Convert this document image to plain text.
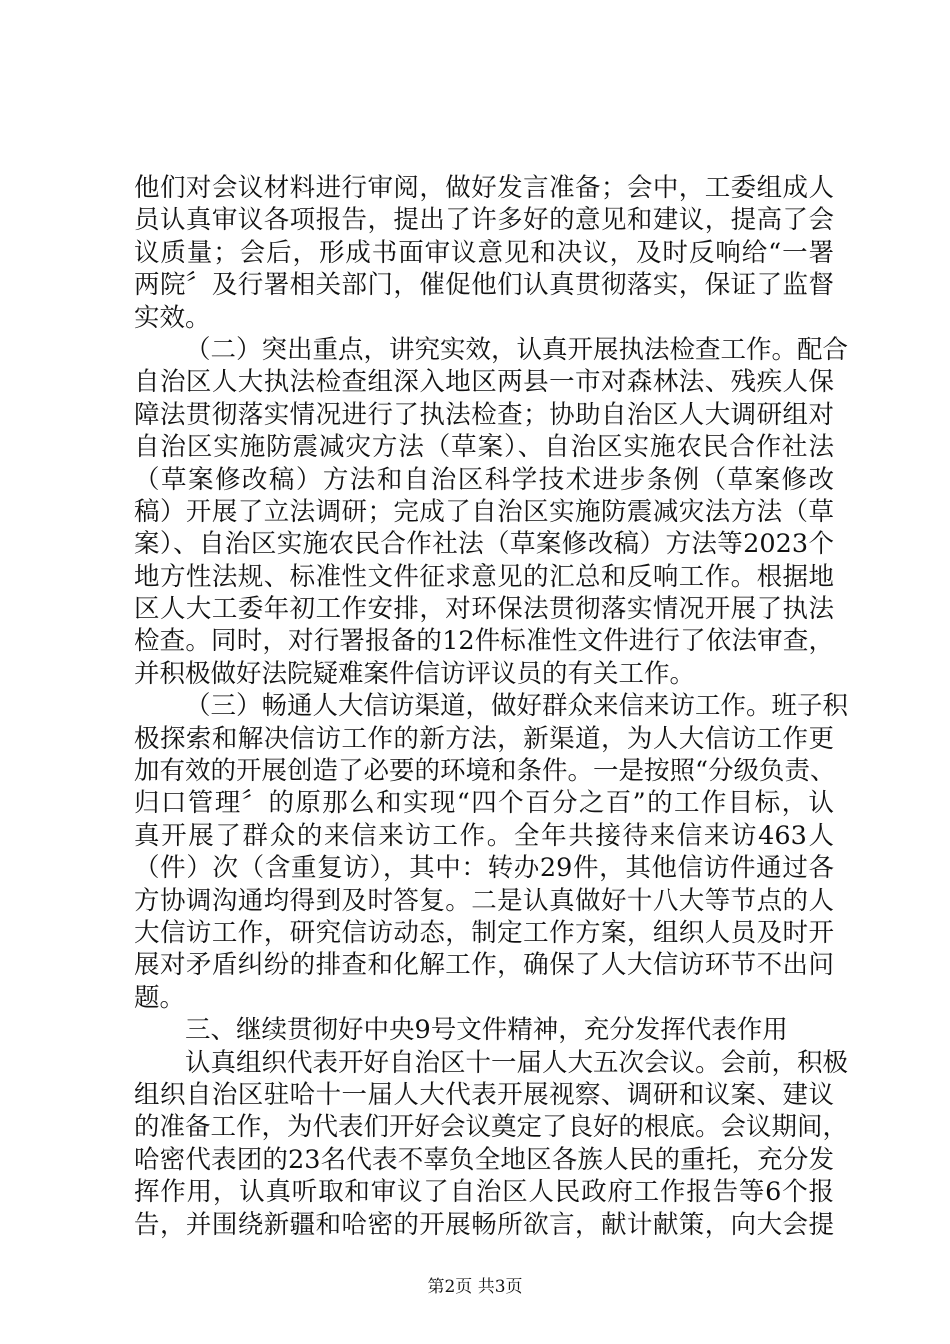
他们对会议材料进行审阅，做好发言准备；会中，工委组成人
员认真审议各项报告，提出了许多好的意见和建议，提高了会
议质量；会后，形成书面审议意见和决议，及时反响给“一署
两院〞及行署相关部门，催促他们认真贯彻落实，保证了监督
实效。
（二）突出重点，讲究实效，认真开展执法检查工作。配合
自治区人大执法检查组深入地区两县一市对森林法、残疾人保
障法贯彻落实情况进行了执法检查；协助自治区人大调研组对
自治区实施防震减灾方法（草案）、自治区实施农民合作社法
（草案修改稿）方法和自治区科学技术进步条例（草案修改
稿）开展了立法调研；完成了自治区实施防震减灾法方法（草
案）、自治区实施农民合作社法（草案修改稿）方法等2023个
地方性法规、标准性文件征求意见的汇总和反响工作。根据地
区人大工委年初工作安排，对环保法贯彻落实情况开展了执法
检查。同时，对行署报备的12件标准性文件进行了依法审查，
并积极做好法院疑难案件信访评议员的有关工作。
（三）畅通人大信访渠道，做好群众来信来访工作。班子积
极探索和解决信访工作的新方法，新渠道，为人大信访工作更
加有效的开展创造了必要的环境和条件。一是按照“分级负责、
归口管理〞的原那么和实现“四个百分之百”的工作目标，认
真开展了群众的来信来访工作。全年共接待来信来访463人
（件）次（含重复访），其中：转办29件，其他信访件通过各
方协调沟通均得到及时答复。二是认真做好十八大等节点的人
大信访工作，研究信访动态，制定工作方案，组织人员及时开
展对矛盾纠纷的排查和化解工作，确保了人大信访环节不出问
题。
三、继续贯彻好中央9号文件精神，充分发挥代表作用
认真组织代表开好自治区十一届人大五次会议。会前，积极
组织自治区驻哈十一届人大代表开展视察、调研和议案、建议
的准备工作，为代表们开好会议奠定了良好的根底。会议期间，
哈密代表团的23名代表不辜负全地区各族人民的重托，充分发
挥作用，认真听取和审议了自治区人民政府工作报告等6个报
告，并围绕新疆和哈密的开展畅所欲言，献计献策，向大会提
第2页 共3页
